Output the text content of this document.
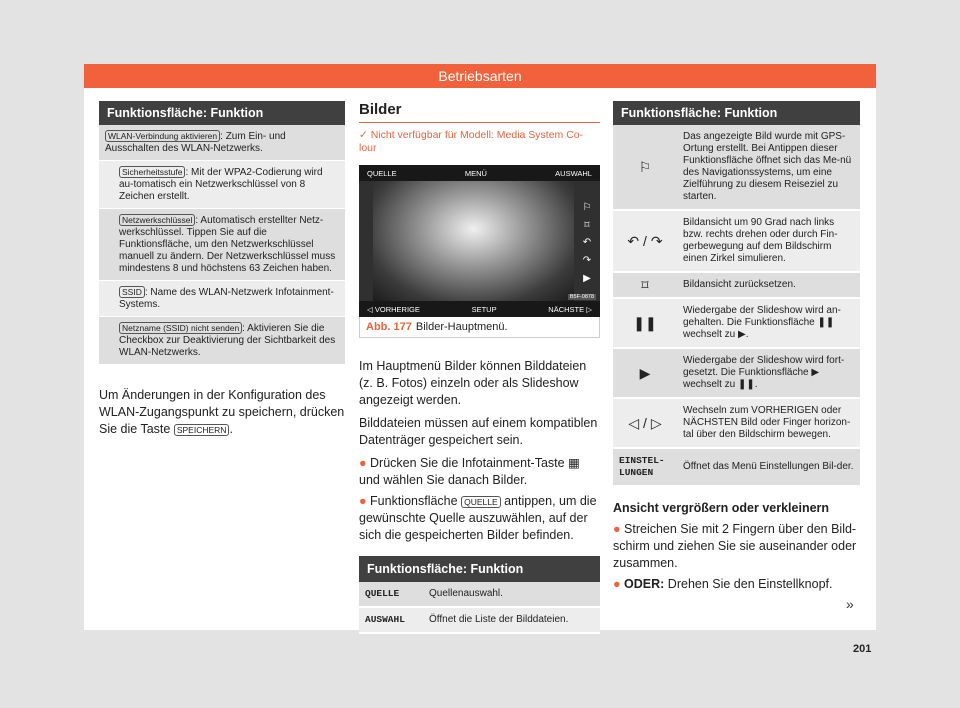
Betriebsarten
Funktionsfläche: Funktion
WLAN-Verbindung aktivieren : Zum Ein- und Ausschalten des WLAN-Netzwerks.
Sicherheitsstufe : Mit der WPA2-Codierung wird au-tomatisch ein Netzwerkschlüssel von 8 Zeichen erstellt.
Netzwerkschlüssel : Automatisch erstellter Netz-werkschlüssel. Tippen Sie auf die Funktionsfläche, um den Netzwerkschlüssel manuell zu ändern. Der Netzwerkschlüssel muss mindestens 8 und höchstens 63 Zeichen haben.
SSID : Name des WLAN-Netzwerk Infotainment-Systems.
Netzname (SSID) nicht senden : Aktivieren Sie die Checkbox zur Deaktivierung der Sichtbarkeit des WLAN-Netzwerks.

Um Änderungen in der Konfiguration des WLAN-Zugangspunkt zu speichern, drücken Sie die Taste SPEICHERN .

Bilder

✓ Nicht verfügbar für Modell: Media System Co-lour

QUELLE	MENÜ	AUSWAHL
⚐
⌑
↶
↷
▶
B5F-0878
◁ VORHERIGE	SETUP	NÄCHSTE ▷
Abb. 177 Bilder-Hauptmenü.

Im Hauptmenü Bilder können Bilddateien (z. B. Fotos) einzeln oder als Slideshow angezeigt werden.

Bilddateien müssen auf einem kompatiblen Datenträger gespeichert sein.

● Drücken Sie die Infotainment-Taste ▦ und wählen Sie danach Bilder.

● Funktionsfläche QUELLE antippen, um die gewünschte Quelle auszuwählen, auf der sich die gespeicherten Bilder befinden.

Funktionsfläche: Funktion
QUELLE	Quellenauswahl.
AUSWAHL	Öffnet die Liste der Bilddateien.
Funktionsfläche: Funktion
⚐	Das angezeigte Bild wurde mit GPS-Ortung erstellt. Bei Antippen dieser Funktionsfläche öffnet sich das Me-nü des Navigationssystems, um eine Zielführung zu diesem Reiseziel zu starten.
↶ / ↷	Bildansicht um 90 Grad nach links bzw. rechts drehen oder durch Fin-gerbewegung auf dem Bildschirm einen Zirkel simulieren.
⌑	Bildansicht zurücksetzen.
❚❚	Wiedergabe der Slideshow wird an-gehalten. Die Funktionsfläche ❚❚ wechselt zu ▶.
▶	Wiedergabe der Slideshow wird fort-gesetzt. Die Funktionsfläche ▶ wechselt zu ❚❚.
◁ / ▷	Wechseln zum VORHERIGEN oder NÄCHSTEN Bild oder Finger horizon-tal über den Bildschirm bewegen.
EINSTEL-LUNGEN	Öffnet das Menü Einstellungen Bil-der.
Ansicht vergrößern oder verkleinern

● Streichen Sie mit 2 Fingern über den Bild-schirm und ziehen Sie sie auseinander oder zusammen.

● ODER: Drehen Sie den Einstellknopf.

»
201
